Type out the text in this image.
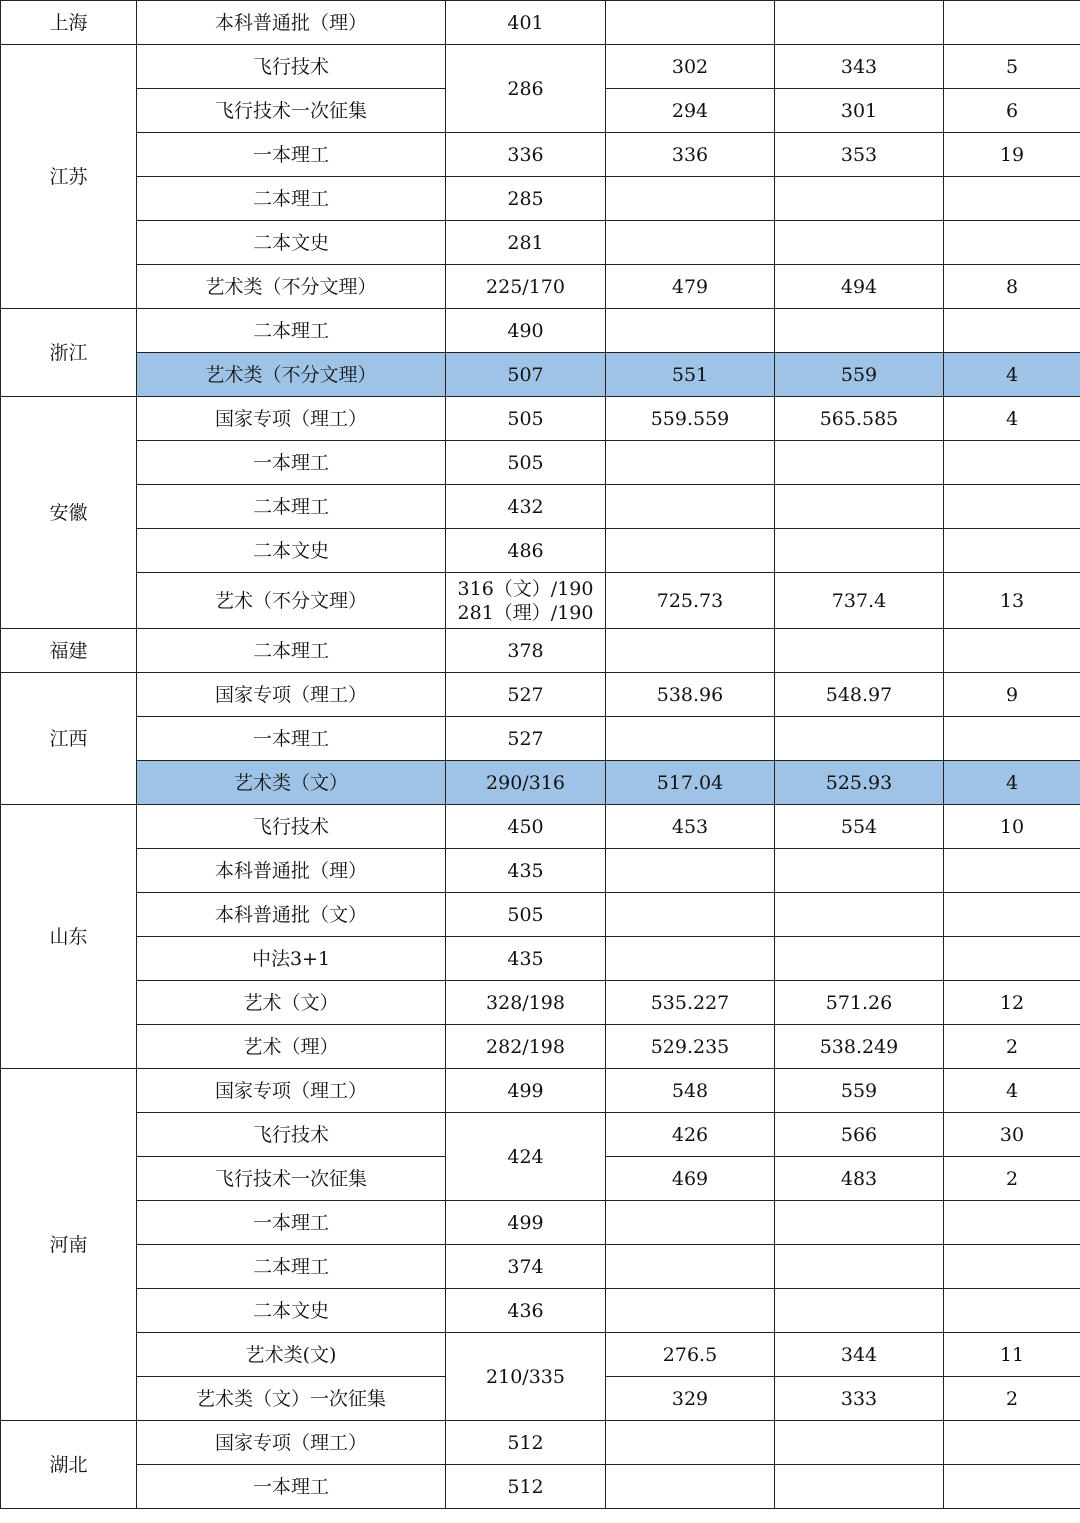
上海	本科普通批（理）	401			
江苏	飞行技术	286	302	343	5
	飞行技术一次征集		294	301	6
	一本理工	336	336	353	19
	二本理工	285			
	二本文史	281			
	艺术类（不分文理）	225/170	479	494	8
浙江	二本理工	490			
	艺术类（不分文理）	507	551	559	4
安徽	国家专项（理工）	505	559.559	565.585	4
	一本理工	505			
	二本理工	432			
	二本文史	486			
	艺术（不分文理）	316（文）/190
281（理）/190	725.73	737.4	13
福建	二本理工	378			
江西	国家专项（理工）	527	538.96	548.97	9
	一本理工	527			
	艺术类（文）	290/316	517.04	525.93	4
山东	飞行技术	450	453	554	10
	本科普通批（理）	435			
	本科普通批（文）	505			
	中法3+1	435			
	艺术（文）	328/198	535.227	571.26	12
	艺术（理）	282/198	529.235	538.249	2
河南	国家专项（理工）	499	548	559	4
	飞行技术	424	426	566	30
	飞行技术一次征集		469	483	2
	一本理工	499			
	二本理工	374			
	二本文史	436			
	艺术类(文)	210/335	276.5	344	11
	艺术类（文）一次征集		329	333	2
湖北	国家专项（理工）	512			
	一本理工	512			
